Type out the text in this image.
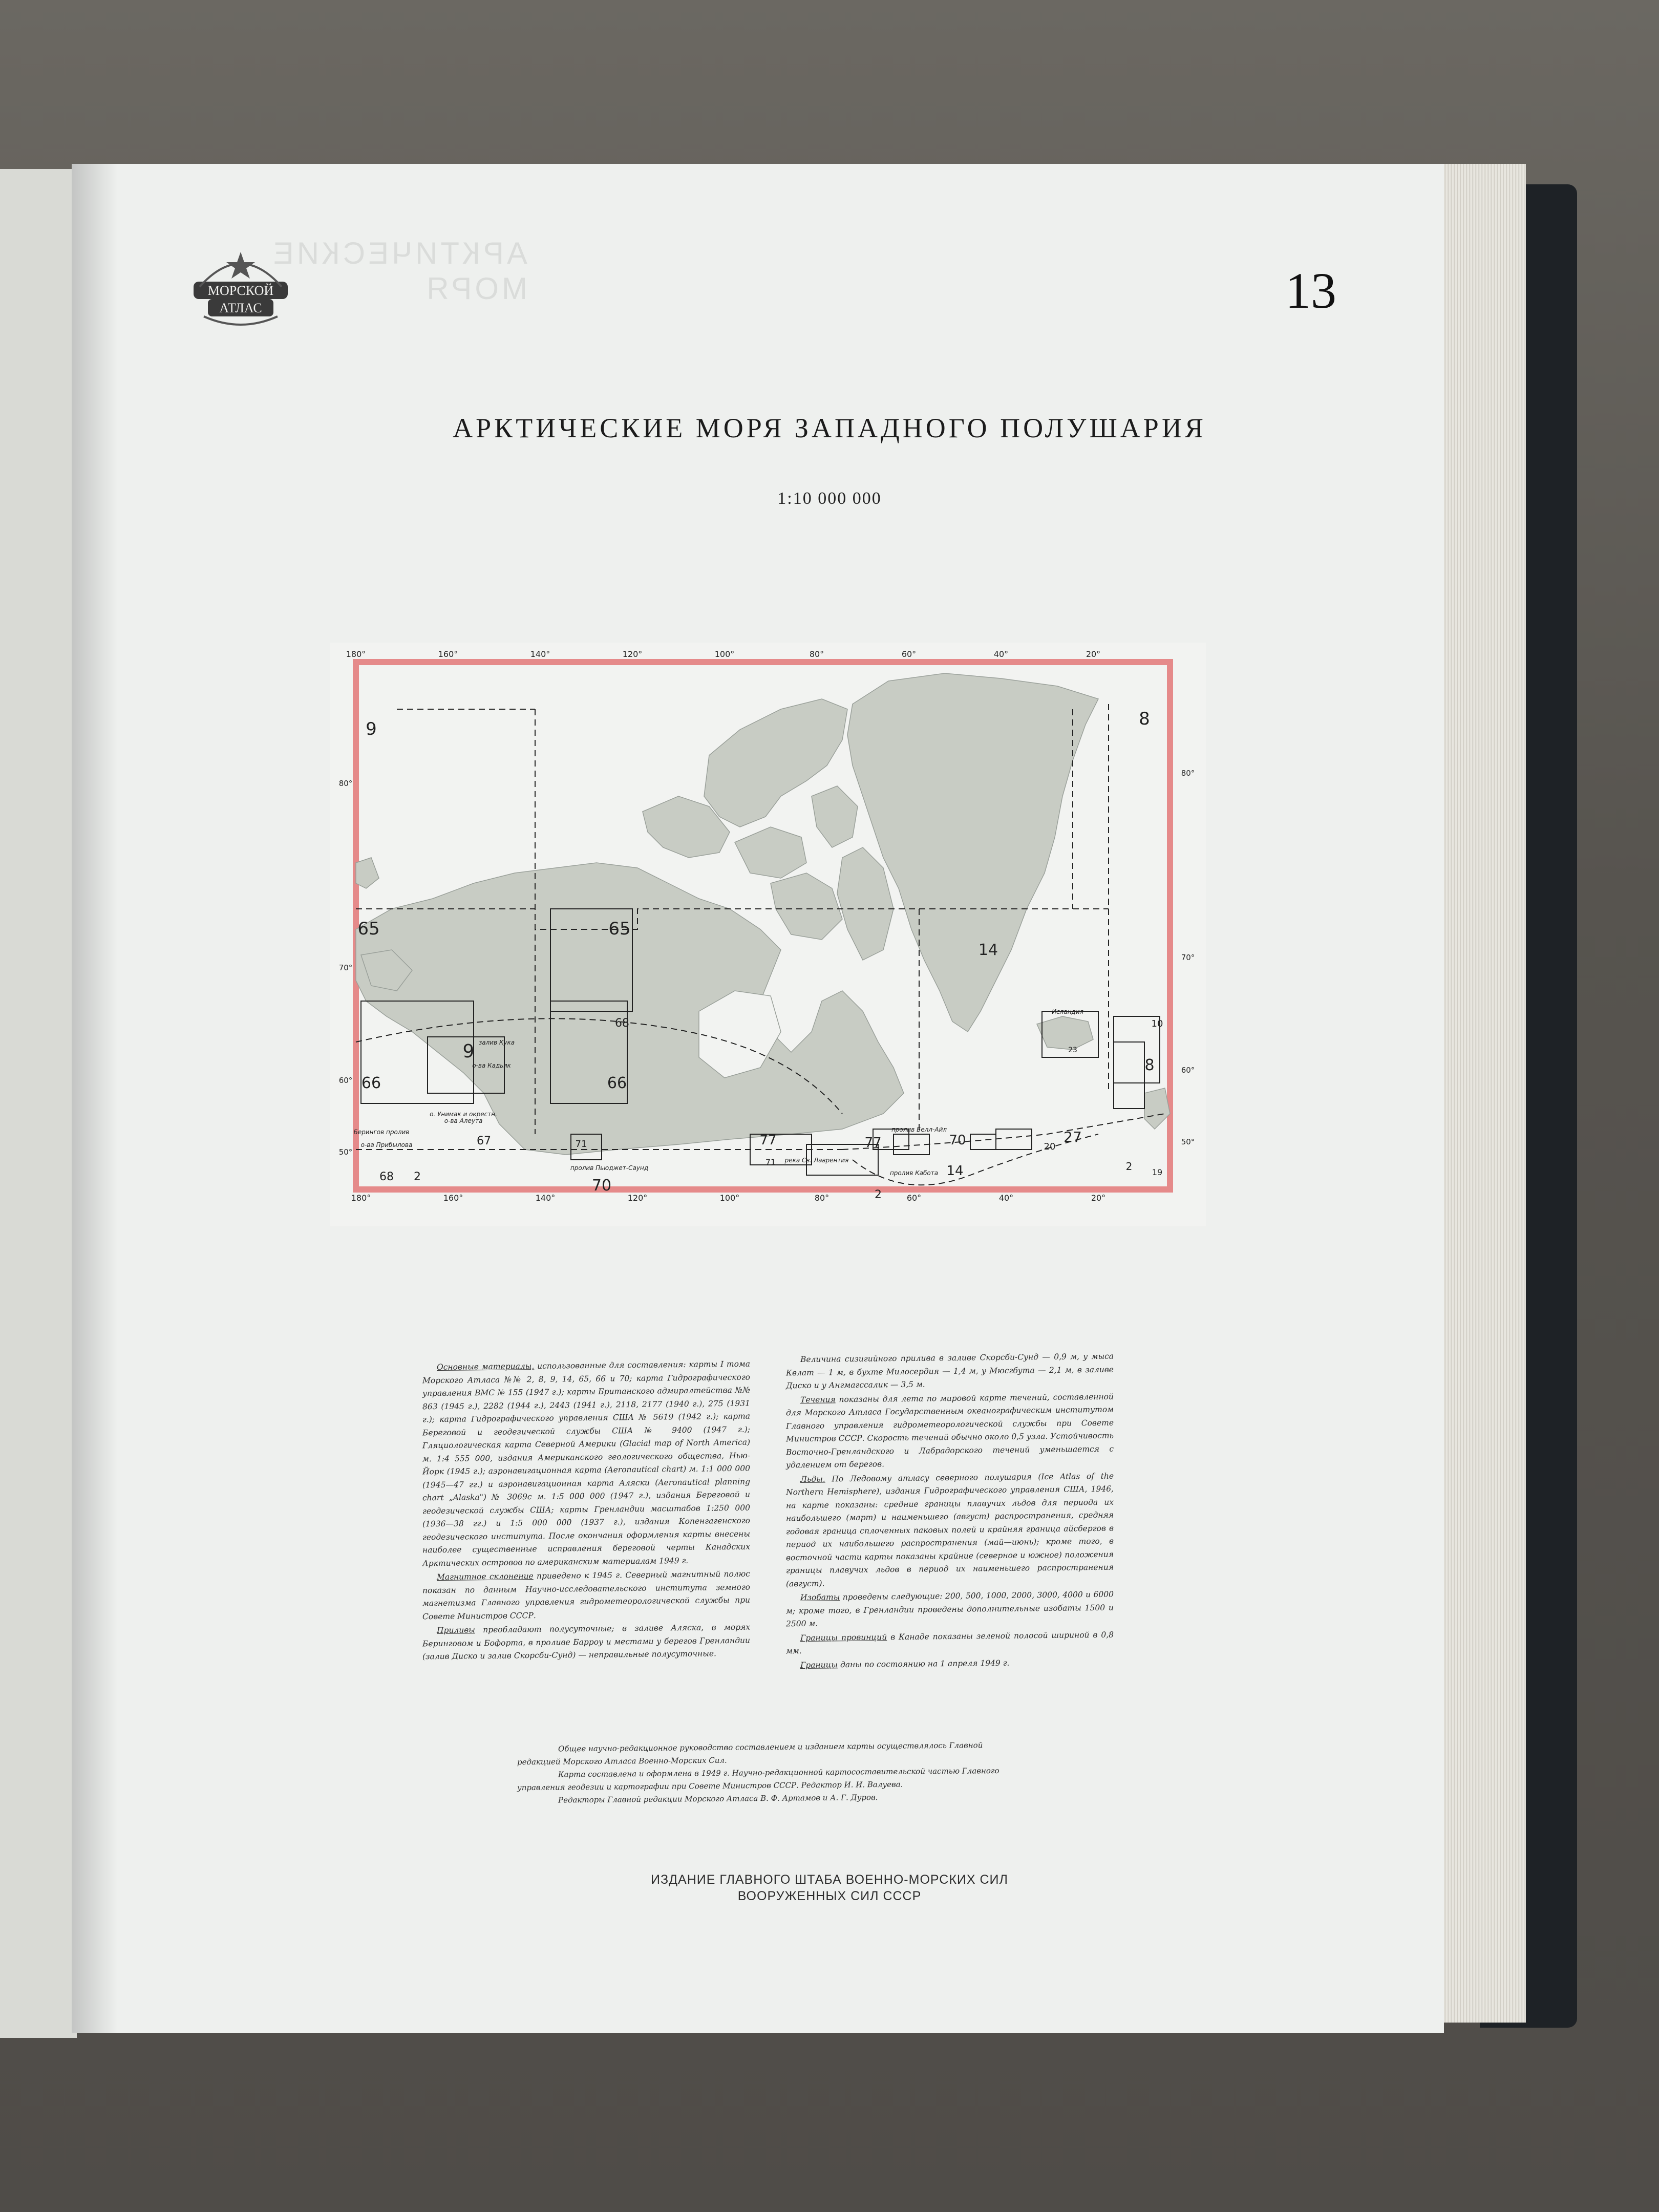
АРКТИЧЕСКИЕ МОРЯ
МОРСКОЙ
АТЛАС	13
АРКТИЧЕСКИЕ МОРЯ ЗАПАДНОГО ПОЛУШАРИЯ
1:10 000 000
180°	160°	140°	120°	100°	80°	60°	40°	20°
180°	160°	140°	120°	100°	80°	60°	40°	20°
80°
70°
60°
50°
80°
70°
60°
50°
9	8
65	65
14
9
68
67
66
66
2
68	70
71	77	77	70
14
27
20
2
8
10
19
2
23
71
Исландия
залив Кука
о-ва Кадьяк
о. Унимак и окрестн.
о-ва Алеута
Берингов пролив
о-ва Прибылова
пролив Пьюджет-Саунд
река Св. Лаврентия
пролив Белл-Айл
пролив Кабота

Основные материалы, использованные для составления: карты I тома Морского Атласа №№ 2, 8, 9, 14, 65, 66 и 70; карта Гидрографического управления ВМС № 155 (1947 г.); карты Британского адмиралтейства №№ 863 (1945 г.), 2282 (1944 г.), 2443 (1941 г.), 2118, 2177 (1940 г.), 275 (1931 г.); карта Гидрографического управления США № 5619 (1942 г.); карта Береговой и геодезической службы США № 9400 (1947 г.); Гляциологическая карта Северной Америки (Glacial map of North America) м. 1:4 555 000, издания Американского геологического общества, Нью-Йорк (1945 г.); аэронавигационная карта (Aeronautical chart) м. 1:1 000 000 (1945—47 гг.) и аэронавигационная карта Аляски (Aeronautical planning chart „Alaska") № 3069c м. 1:5 000 000 (1947 г.), издания Береговой и геодезической службы США; карты Гренландии масштабов 1:250 000 (1936—38 гг.) и 1:5 000 000 (1937 г.), издания Копенгагенского геодезического института. После окончания оформления карты внесены наиболее существенные исправления береговой черты Канадских Арктических островов по американским материалам 1949 г.

Магнитное склонение приведено к 1945 г. Северный магнитный полюс показан по данным Научно-исследовательского института земного магнетизма Главного управления гидрометеорологической службы при Совете Министров СССР.

Приливы преобладают полусуточные; в заливе Аляска, в морях Беринговом и Бофорта, в проливе Барроу и местами у берегов Гренландии (залив Диско и залив Скорсби-Сунд) — неправильные полусуточные.

Величина сизигийного прилива в заливе Скорсби-Сунд — 0,9 м, у мыса Квлат — 1 м, в бухте Милосердия — 1,4 м, у Мюсгбута — 2,1 м, в заливе Диско и у Ангмагссалик — 3,5 м.

Течения показаны для лета по мировой карте течений, составленной для Морского Атласа Государственным океанографическим институтом Главного управления гидрометеорологической службы при Совете Министров СССР. Скорость течений обычно около 0,5 узла. Устойчивость Восточно-Гренландского и Лабрадорского течений уменьшается с удалением от берегов.

Льды. По Ледовому атласу северного полушария (Ice Atlas of the Northern Hemisphere), издания Гидрографического управления США, 1946, на карте показаны: средние границы плавучих льдов для периода их наибольшего (март) и наименьшего (август) распространения, средняя годовая граница сплоченных паковых полей и крайняя граница айсбергов в период их наибольшего распространения (май—июнь); кроме того, в восточной части карты показаны крайние (северное и южное) положения границы плавучих льдов в период их наименьшего распространения (август).

Изобаты проведены следующие: 200, 500, 1000, 2000, 3000, 4000 и 6000 м; кроме того, в Гренландии проведены дополнительные изобаты 1500 и 2500 м.

Границы провинций в Канаде показаны зеленой полосой шириной в 0,8 мм.

Границы даны по состоянию на 1 апреля 1949 г.

Общее научно-редакционное руководство составлением и изданием карты осуществлялось Главной редакцией Морского Атласа Военно-Морских Сил.

Карта составлена и оформлена в 1949 г. Научно-редакционной картосоставительской частью Главного управления геодезии и картографии при Совете Министров СССР. Редактор И. И. Валуева.

Редакторы Главной редакции Морского Атласа В. Ф. Артамов и А. Г. Дуров.

ИЗДАНИЕ ГЛАВНОГО ШТАБА ВОЕННО-МОРСКИХ СИЛ
ВООРУЖЕННЫХ СИЛ СССР
